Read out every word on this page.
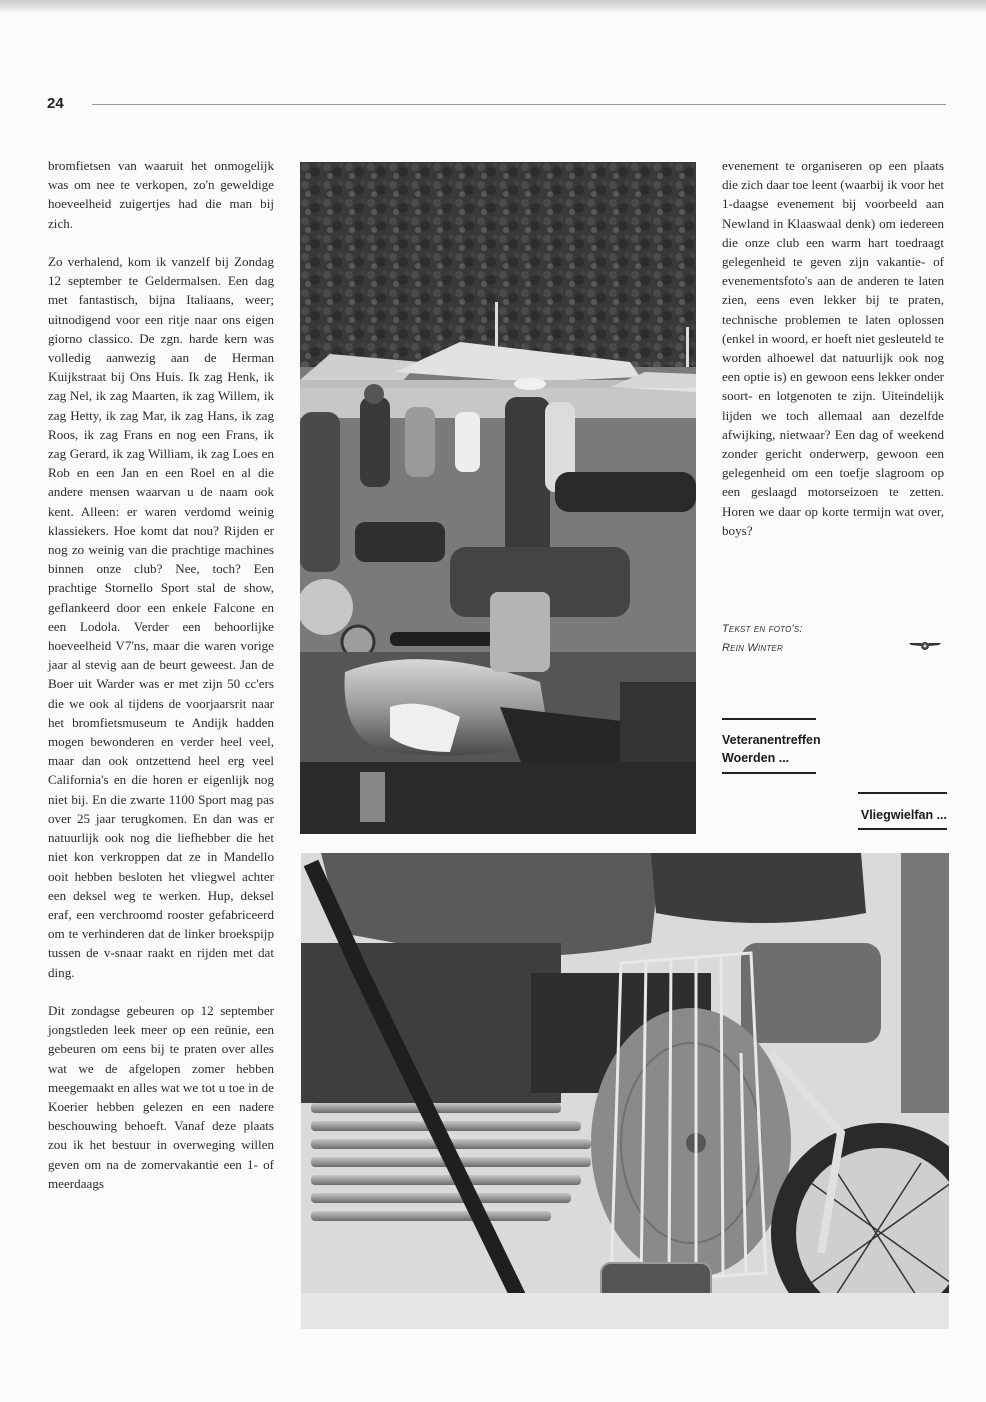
24

bromfietsen van waaruit het onmogelijk was om nee te verkopen, zo'n geweldige hoeveelheid zuigertjes had die man bij zich.

Zo verhalend, kom ik vanzelf bij Zondag 12 september te Geldermalsen. Een dag met fantastisch, bijna Italiaans, weer; uitnodigend voor een ritje naar ons eigen giorno classico. De zgn. harde kern was volledig aanwezig aan de Herman Kuijkstraat bij Ons Huis. Ik zag Henk, ik zag Nel, ik zag Maarten, ik zag Willem, ik zag Hetty, ik zag Mar, ik zag Hans, ik zag Roos, ik zag Frans en nog een Frans, ik zag Gerard, ik zag William, ik zag Loes en Rob en een Jan en een Roel en al die andere mensen waarvan u de naam ook kent. Alleen: er waren verdomd weinig klassiekers. Hoe komt dat nou? Rijden er nog zo weinig van die prachtige machines binnen onze club? Nee, toch? Een prachtige Stornello Sport stal de show, geflankeerd door een enkele Falcone en een Lodola. Verder een behoorlijke hoeveelheid V7'ns, maar die waren vorige jaar al stevig aan de beurt geweest. Jan de Boer uit Warder was er met zijn 50 cc'ers die we ook al tijdens de voorjaarsrit naar het bromfietsmuseum te Andijk hadden mogen bewonderen en verder heel veel, maar dan ook ontzettend heel erg veel California's en die horen er eigenlijk nog niet bij. En die zwarte 1100 Sport mag pas over 25 jaar terugkomen. En dan was er natuurlijk ook nog die liefhebber die het niet kon verkroppen dat ze in Mandello ooit hebben besloten het vliegwel achter een deksel weg te werken. Hup, deksel eraf, een verchroomd rooster gefabriceerd om te verhinderen dat de linker broekspijp tussen de v-snaar raakt en rijden met dat ding.

Dit zondagse gebeuren op 12 september jongstleden leek meer op een reünie, een gebeuren om eens bij te praten over alles wat we de afgelopen zomer hebben meegemaakt en alles wat we tot u toe in de Koerier hebben gelezen en een nadere beschouwing behoeft. Vanaf deze plaats zou ik het bestuur in overweging willen geven om na de zomervakantie een 1- of meerdaags

evenement te organiseren op een plaats die zich daar toe leent (waarbij ik voor het 1-daagse evenement bij voorbeeld aan Newland in Klaaswaal denk) om iedereen die onze club een warm hart toedraagt gelegenheid te geven zijn vakantie- of evenementsfoto's aan de anderen te laten zien, eens even lekker bij te praten, technische problemen te laten oplossen (enkel in woord, er hoeft niet gesleuteld te worden alhoewel dat natuurlijk ook nog een optie is) en gewoon eens lekker onder soort- en lotgenoten te zijn. Uiteindelijk lijden we toch allemaal aan dezelfde afwijking, nietwaar? Een dag of weekend zonder gericht onderwerp, gewoon een gelegenheid om een toefje slagroom op een geslaagd motorseizoen te zetten. Horen we daar op korte termijn wat over, boys?

Tekst en foto's:
Rein Winter
Veteranentreffen
Woerden ...
Vliegwielfan ...
